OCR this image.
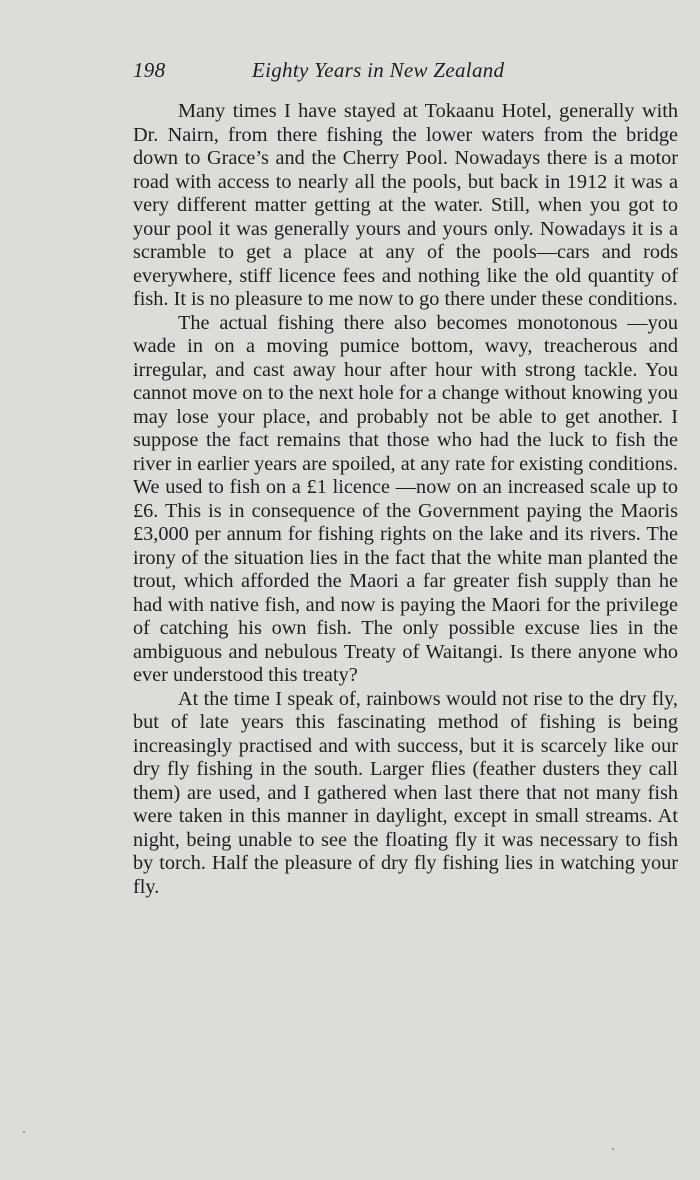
198	Eighty Years in New Zealand

Many times I have stayed at Tokaanu Hotel, generally with Dr. Nairn, from there fishing the lower waters from the bridge down to Grace’s and the Cherry Pool. Nowadays there is a motor road with access to nearly all the pools, but back in 1912 it was a very different matter getting at the water. Still, when you got to your pool it was generally yours and yours only. Nowadays it is a scramble to get a place at any of the pools—cars and rods everywhere, stiff licence fees and nothing like the old quantity of fish. It is no pleasure to me now to go there under these conditions.

The actual fishing there also becomes monotonous —you wade in on a moving pumice bottom, wavy, treacherous and irregular, and cast away hour after hour with strong tackle. You cannot move on to the next hole for a change without knowing you may lose your place, and probably not be able to get another. I suppose the fact remains that those who had the luck to fish the river in earlier years are spoiled, at any rate for existing conditions. We used to fish on a £1 licence —now on an increased scale up to £6. This is in consequence of the Government paying the Maoris £3,000 per annum for fishing rights on the lake and its rivers. The irony of the situation lies in the fact that the white man planted the trout, which afforded the Maori a far greater fish supply than he had with native fish, and now is paying the Maori for the privilege of catching his own fish. The only possible excuse lies in the ambiguous and nebulous Treaty of Waitangi. Is there anyone who ever understood this treaty?

At the time I speak of, rainbows would not rise to the dry fly, but of late years this fascinating method of fishing is being increasingly practised and with success, but it is scarcely like our dry fly fishing in the south. Larger flies (feather dusters they call them) are used, and I gathered when last there that not many fish were taken in this manner in daylight, except in small streams. At night, being unable to see the floating fly it was necessary to fish by torch. Half the pleasure of dry fly fishing lies in watching your fly.
